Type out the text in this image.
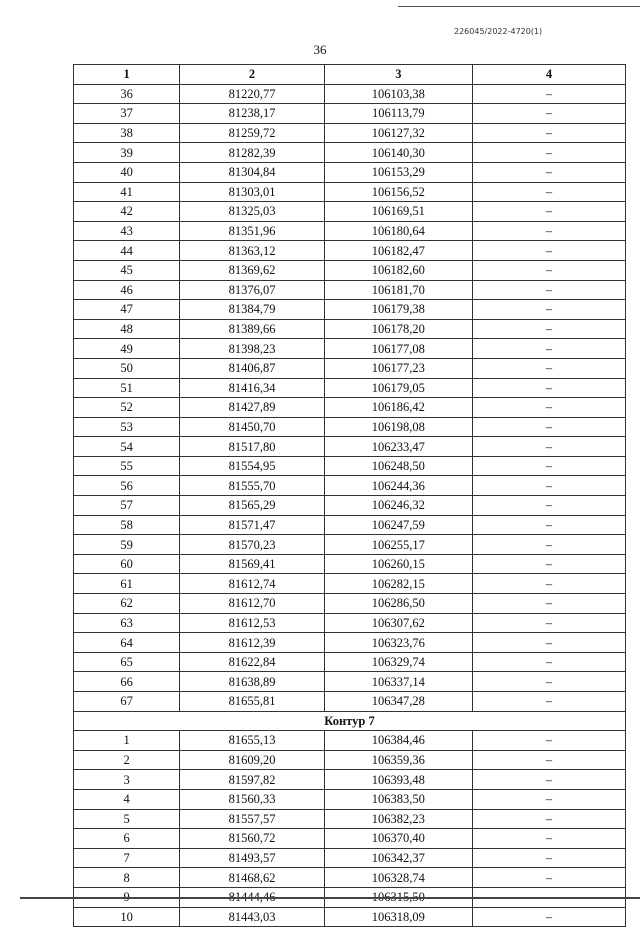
226045/2022-4720(1)
36
1	2	3	4
36	81220,77	106103,38	–
37	81238,17	106113,79	–
38	81259,72	106127,32	–
39	81282,39	106140,30	–
40	81304,84	106153,29	–
41	81303,01	106156,52	–
42	81325,03	106169,51	–
43	81351,96	106180,64	–
44	81363,12	106182,47	–
45	81369,62	106182,60	–
46	81376,07	106181,70	–
47	81384,79	106179,38	–
48	81389,66	106178,20	–
49	81398,23	106177,08	–
50	81406,87	106177,23	–
51	81416,34	106179,05	–
52	81427,89	106186,42	–
53	81450,70	106198,08	–
54	81517,80	106233,47	–
55	81554,95	106248,50	–
56	81555,70	106244,36	–
57	81565,29	106246,32	–
58	81571,47	106247,59	–
59	81570,23	106255,17	–
60	81569,41	106260,15	–
61	81612,74	106282,15	–
62	81612,70	106286,50	–
63	81612,53	106307,62	–
64	81612,39	106323,76	–
65	81622,84	106329,74	–
66	81638,89	106337,14	–
67	81655,81	106347,28	–
Контур 7			
1	81655,13	106384,46	–
2	81609,20	106359,36	–
3	81597,82	106393,48	–
4	81560,33	106383,50	–
5	81557,57	106382,23	–
6	81560,72	106370,40	–
7	81493,57	106342,37	–
8	81468,62	106328,74	–
9	81444,46	106315,50	–
10	81443,03	106318,09	–
